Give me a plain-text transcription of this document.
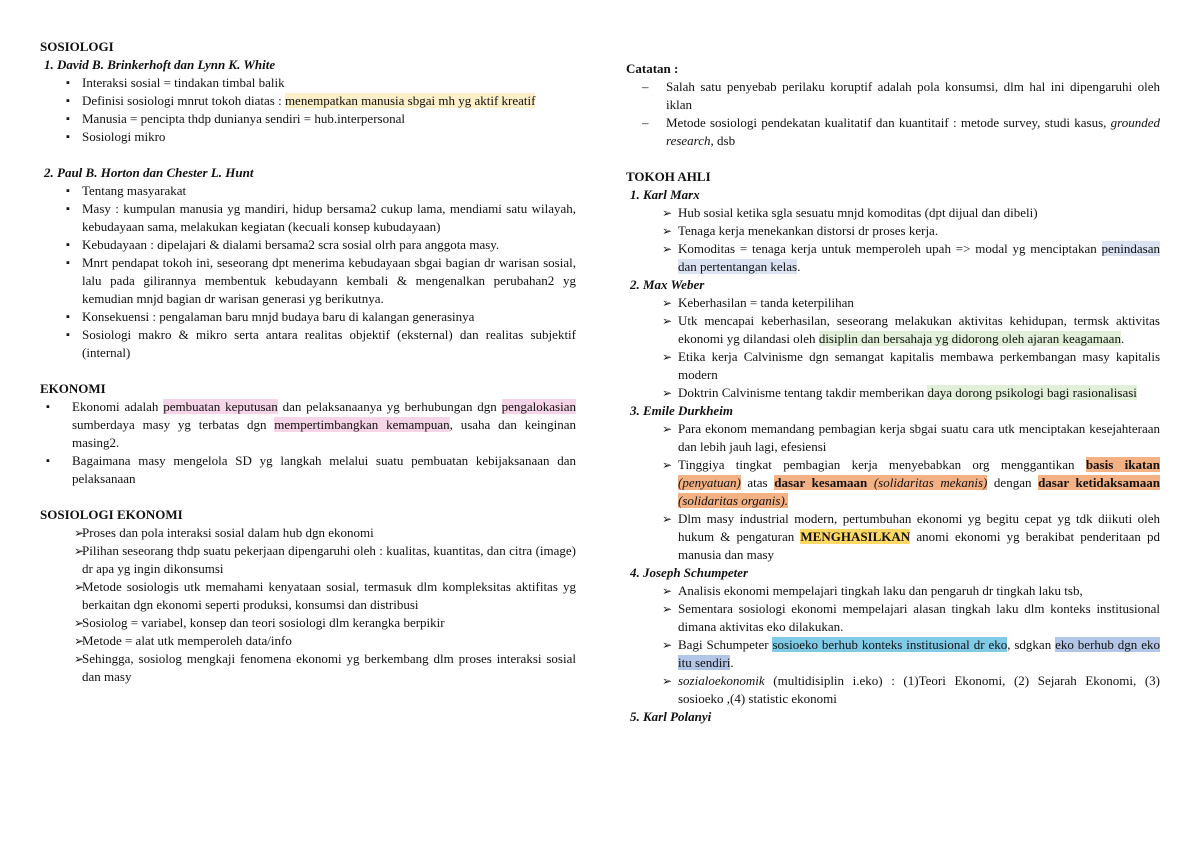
SOSIOLOGI

1. David B. Brinkerhoft dan Lynn K. White

▪ Interaksi sosial = tindakan timbal balik
▪ Definisi sosiologi mnrut tokoh diatas : menempatkan manusia sbgai mh yg aktif kreatif
▪ Manusia = pencipta thdp dunianya sendiri = hub.interpersonal
▪ Sosiologi mikro

2. Paul B. Horton dan Chester L. Hunt

▪ Tentang masyarakat
▪ Masy : kumpulan manusia yg mandiri, hidup bersama2 cukup lama, mendiami satu wilayah, kebudayaan sama, melakukan kegiatan (kecuali konsep kubudayaan)
▪ Kebudayaan : dipelajari & dialami bersama2 scra sosial olrh para anggota masy.
▪ Mnrt pendapat tokoh ini, seseorang dpt menerima kebudayaan sbgai bagian dr warisan sosial, lalu pada gilirannya membentuk kebudayann kembali & mengenalkan perubahan2 yg kemudian mnjd bagian dr warisan generasi yg berikutnya.
▪ Konsekuensi : pengalaman baru mnjd budaya baru di kalangan generasinya
▪ Sosiologi makro & mikro serta antara realitas objektif (eksternal) dan realitas subjektif (internal)

EKONOMI

▪ Ekonomi adalah pembuatan keputusan dan pelaksanaanya yg berhubungan dgn pengalokasian sumberdaya masy yg terbatas dgn mempertimbangkan kemampuan, usaha dan keinginan masing2.
▪ Bagaimana masy mengelola SD yg langkah melalui suatu pembuatan kebijaksanaan dan pelaksanaan

SOSIOLOGI EKONOMI

➢ Proses dan pola interaksi sosial dalam hub dgn ekonomi
➢ Pilihan seseorang thdp suatu pekerjaan dipengaruhi oleh : kualitas, kuantitas, dan citra (image) dr apa yg ingin dikonsumsi
➢ Metode sosiologis utk memahami kenyataan sosial, termasuk dlm kompleksitas aktifitas yg berkaitan dgn ekonomi seperti produksi, konsumsi dan distribusi
➢ Sosiolog = variabel, konsep dan teori sosiologi dlm kerangka berpikir
➢ Metode = alat utk memperoleh data/info
➢ Sehingga, sosiolog mengkaji fenomena ekonomi yg berkembang dlm proses interaksi sosial dan masy

Catatan :

– Salah satu penyebab perilaku koruptif adalah pola konsumsi, dlm hal ini dipengaruhi oleh iklan
– Metode sosiologi pendekatan kualitatif dan kuantitaif : metode survey, studi kasus, grounded research, dsb

TOKOH AHLI

1. Karl Marx

➢ Hub sosial ketika sgla sesuatu mnjd komoditas (dpt dijual dan dibeli)
➢ Tenaga kerja menekankan distorsi dr proses kerja.
➢ Komoditas = tenaga kerja untuk memperoleh upah => modal yg menciptakan penindasan dan pertentangan kelas.

2. Max Weber

➢ Keberhasilan = tanda keterpilihan
➢ Utk mencapai keberhasilan, seseorang melakukan aktivitas kehidupan, termsk aktivitas ekonomi yg dilandasi oleh disiplin dan bersahaja yg didorong oleh ajaran keagamaan.
➢ Etika kerja Calvinisme dgn semangat kapitalis membawa perkembangan masy kapitalis modern
➢ Doktrin Calvinisme tentang takdir memberikan daya dorong psikologi bagi rasionalisasi

3. Emile Durkheim

➢ Para ekonom memandang pembagian kerja sbgai suatu cara utk menciptakan kesejahteraan dan lebih jauh lagi, efesiensi
➢ Tinggiya tingkat pembagian kerja menyebabkan org menggantikan basis ikatan (penyatuan) atas dasar kesamaan (solidaritas mekanis) dengan dasar ketidaksamaan (solidaritas organis).
➢ Dlm masy industrial modern, pertumbuhan ekonomi yg begitu cepat yg tdk diikuti oleh hukum & pengaturan MENGHASILKAN anomi ekonomi yg berakibat penderitaan pd manusia dan masy

4. Joseph Schumpeter

➢ Analisis ekonomi mempelajari tingkah laku dan pengaruh dr tingkah laku tsb,
➢ Sementara sosiologi ekonomi mempelajari alasan tingkah laku dlm konteks institusional dimana aktivitas eko dilakukan.
➢ Bagi Schumpeter sosioeko berhub konteks institusional dr eko, sdgkan eko berhub dgn eko itu sendiri.
➢ sozialoekonomik (multidisiplin i.eko) : (1)Teori Ekonomi, (2) Sejarah Ekonomi, (3) sosioeko ,(4) statistic ekonomi

5. Karl Polanyi
